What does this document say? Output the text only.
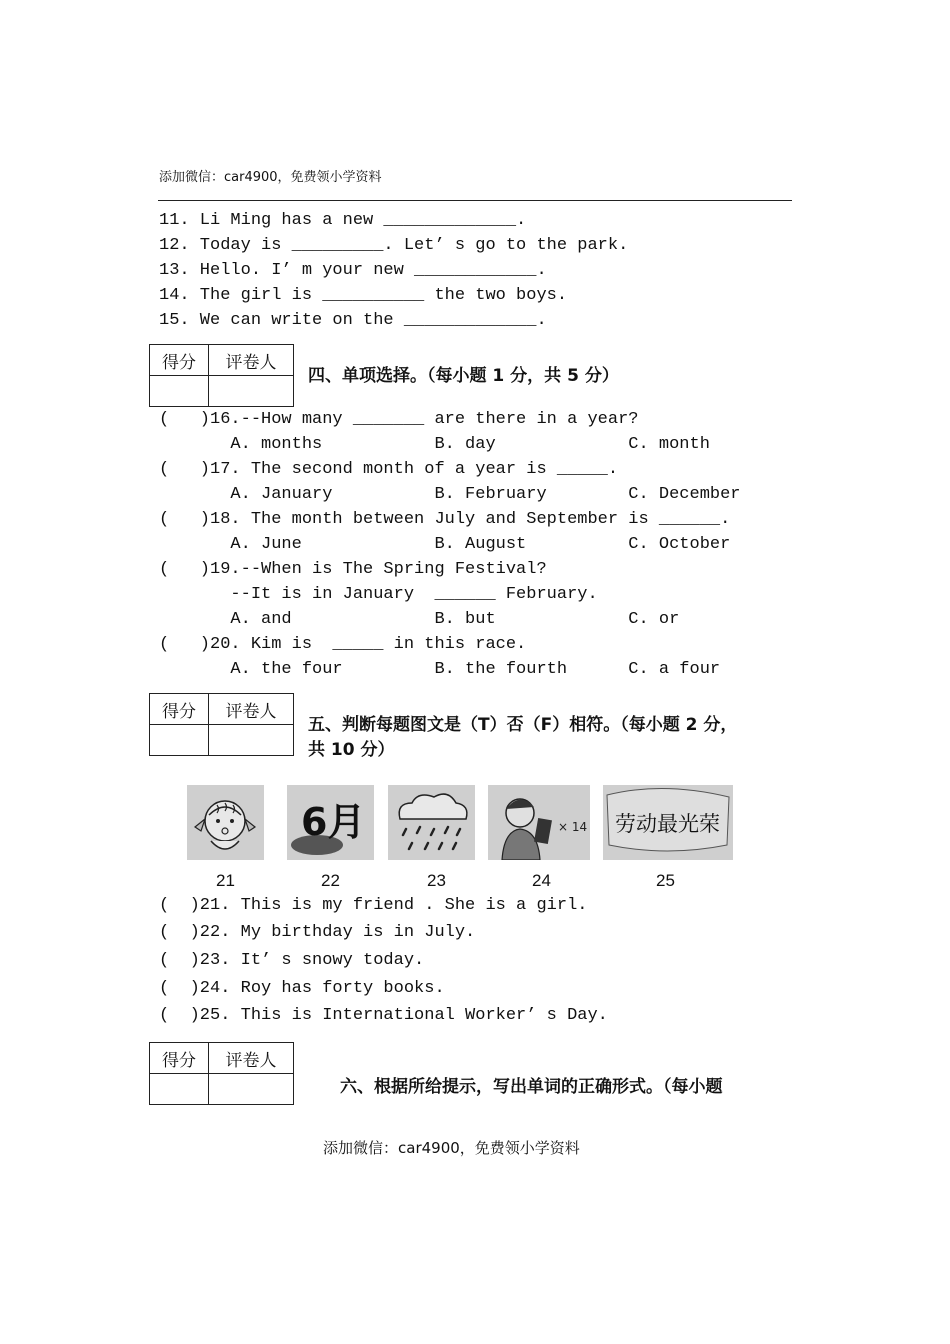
添加微信：car4900，免费领小学资料
11. Li Ming has a new _____________.
12. Today is _________. Let’ s go to the park.
13. Hello. I’ m your new ____________.
14. The girl is __________ the two boys.
15. We can write on the _____________.
得分	评卷人

四、单项选择。（每小题 1 分，共 5 分）
(   )16.--How many _______ are there in a year?
A. months           B. day             C. month
(   )17. The second month of a year is _____.
A. January          B. February        C. December
(   )18. The month between July and September is ______.
A. June             B. August          C. October
(   )19.--When is The Spring Festival?
--It is in January  ______ February.
A. and              B. but             C. or
(   )20. Kim is  _____ in this race.
A. the four         B. the fourth      C. a four
得分	评卷人

五、判断每题图文是（T）否（F）相符。（每小题 2 分，
共 10 分）
6月	× 14 劳动最光荣
21	22	23	24	25
(  )21. This is my friend . She is a girl.
(  )22. My birthday is in July.
(  )23. It’ s snowy today.
(  )24. Roy has forty books.
(  )25. This is International Worker’ s Day.
得分	评卷人

六、根据所给提示，写出单词的正确形式。（每小题
添加微信：car4900，免费领小学资料
